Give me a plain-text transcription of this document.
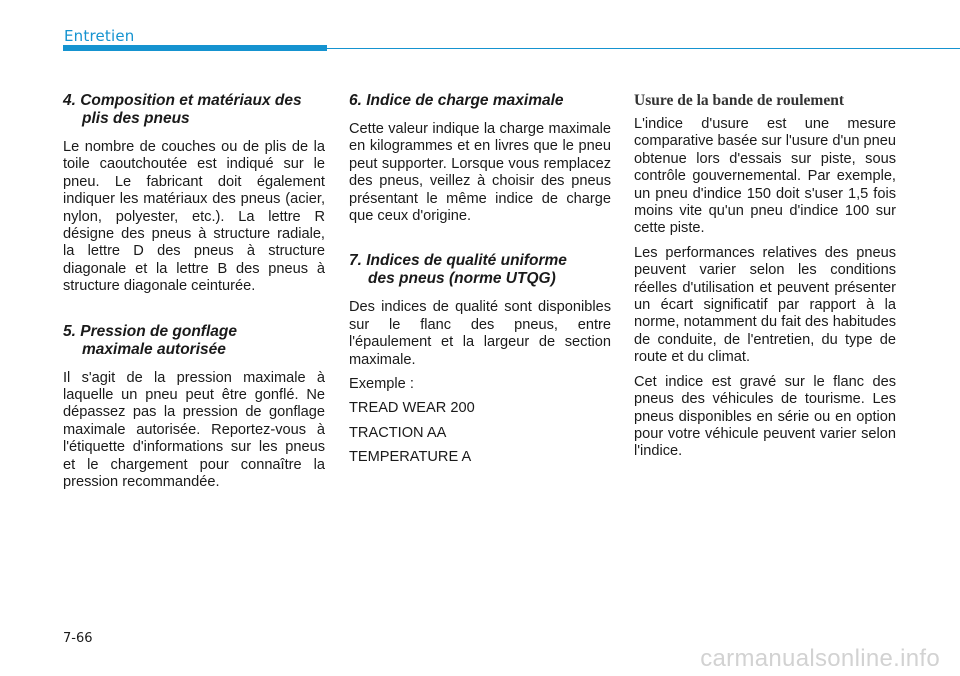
Entretien
4. Composition et matériaux des
plis des pneus

Le nombre de couches ou de plis de la toile caoutchoutée est indiqué sur le pneu. Le fabricant doit également indiquer les matériaux des pneus (acier, nylon, polyester, etc.). La lettre R désigne des pneus à structure radiale, la lettre D des pneus à structure diagonale et la lettre B des pneus à structure diagonale ceinturée.

5. Pression de gonflage
maximale autorisée

Il s'agit de la pression maximale à laquelle un pneu peut être gonflé. Ne dépassez pas la pression de gonflage maximale autorisée. Reportez-vous à l'étiquette d'informations sur les pneus et le chargement pour connaître la pression recommandée.

6. Indice de charge maximale

Cette valeur indique la charge maximale en kilogrammes et en livres que le pneu peut supporter. Lorsque vous remplacez des pneus, veillez à choisir des pneus présentant le même indice de charge que ceux d'origine.

7. Indices de qualité uniforme
des pneus (norme UTQG)

Des indices de qualité sont disponibles sur le flanc des pneus, entre l'épaulement et la largeur de section maximale.

Exemple :

TREAD WEAR 200

TRACTION AA

TEMPERATURE A

Usure de la bande de roulement

L'indice d'usure est une mesure comparative basée sur l'usure d'un pneu obtenue lors d'essais sur piste, sous contrôle gouvernemental. Par exemple, un pneu d'indice 150 doit s'user 1,5 fois moins vite qu'un pneu d'indice 100 sur cette piste.

Les performances relatives des pneus peuvent varier selon les conditions réelles d'utilisation et peuvent présenter un écart significatif par rapport à la norme, notamment du fait des habitudes de conduite, de l'entretien, du type de route et du climat.

Cet indice est gravé sur le flanc des pneus des véhicules de tourisme. Les pneus disponibles en série ou en option pour votre véhicule peuvent varier selon l'indice.

7-66
carmanualsonline.info
